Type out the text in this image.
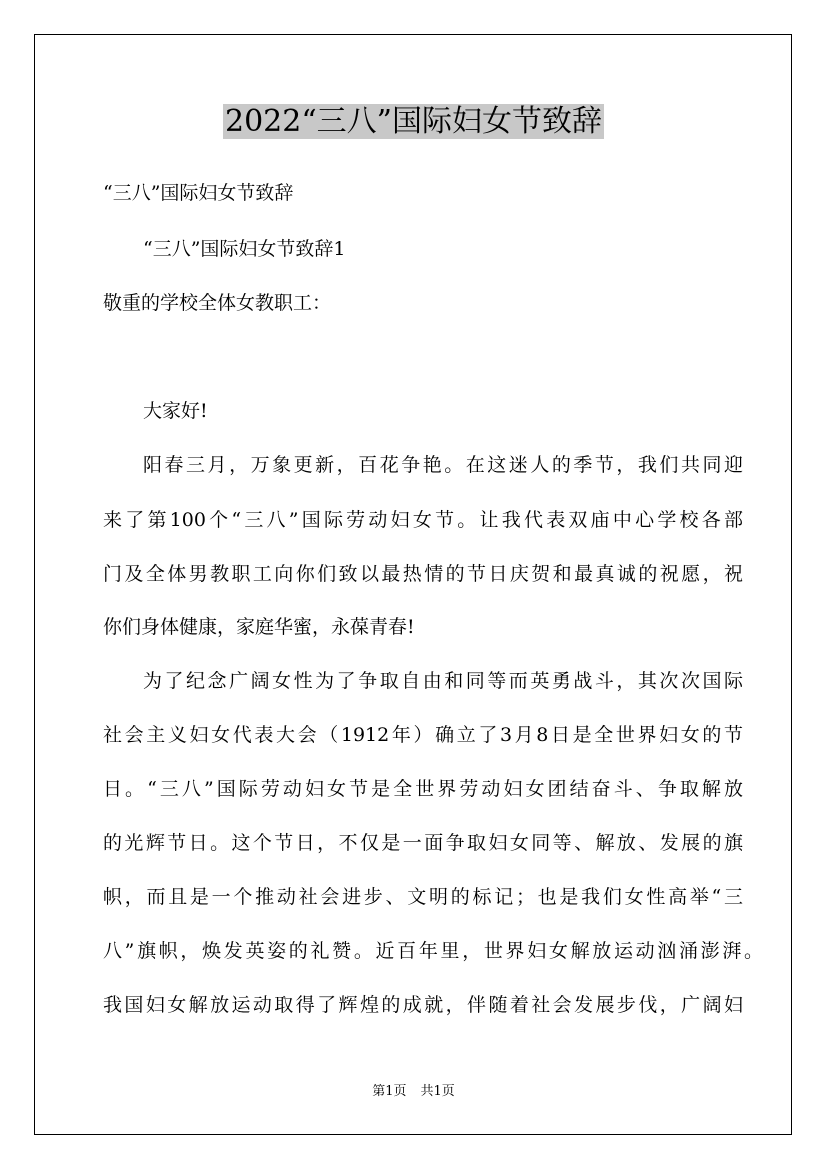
2022“三八”国际妇女节致辞

“三八”国际妇女节致辞

“三八”国际妇女节致辞1

敬重的学校全体女教职工：

大家好!

阳春三月，万象更新，百花争艳。在这迷人的季节，我们共同迎

来了第100个“三八”国际劳动妇女节。让我代表双庙中心学校各部

门及全体男教职工向你们致以最热情的节日庆贺和最真诚的祝愿，祝

你们身体健康，家庭华蜜，永葆青春!

为了纪念广阔女性为了争取自由和同等而英勇战斗，其次次国际

社会主义妇女代表大会（1912年）确立了3月8日是全世界妇女的节

日。“三八”国际劳动妇女节是全世界劳动妇女团结奋斗、争取解放

的光辉节日。这个节日，不仅是一面争取妇女同等、解放、发展的旗

帜，而且是一个推动社会进步、文明的标记；也是我们女性高举“三

八”旗帜，焕发英姿的礼赞。近百年里，世界妇女解放运动汹涌澎湃。

我国妇女解放运动取得了辉煌的成就，伴随着社会发展步伐，广阔妇

第1页 共1页
